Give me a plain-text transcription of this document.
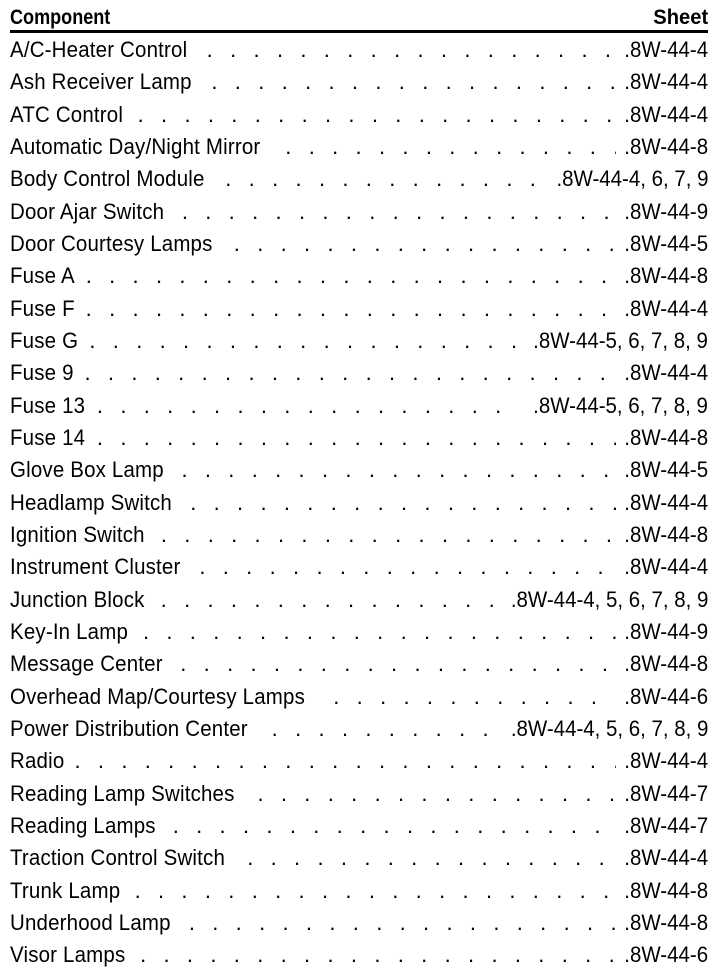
Component	Sheet
A/C-Heater Control . . .	.8W-44-4
Ash Receiver Lamp . . .	.8W-44-4
ATC Control . . .	.8W-44-4
Automatic Day/Night Mirror . . .	.8W-44-8
Body Control Module . . .	.8W-44-4, 6, 7, 9
Door Ajar Switch . . .	.8W-44-9
Door Courtesy Lamps . . .	.8W-44-5
Fuse A . . .	.8W-44-8
Fuse F . . .	.8W-44-4
Fuse G . . .	.8W-44-5, 6, 7, 8, 9
Fuse 9 . . .	.8W-44-4
Fuse 13 . . .	.8W-44-5, 6, 7, 8, 9
Fuse 14 . . .	.8W-44-8
Glove Box Lamp . . .	.8W-44-5
Headlamp Switch . . .	.8W-44-4
Ignition Switch . . .	.8W-44-8
Instrument Cluster . . .	.8W-44-4
Junction Block . . .	.8W-44-4, 5, 6, 7, 8, 9
Key-In Lamp . . .	.8W-44-9
Message Center . . .	.8W-44-8
Overhead Map/Courtesy Lamps . . .	.8W-44-6
Power Distribution Center . . .	.8W-44-4, 5, 6, 7, 8, 9
Radio . . .	.8W-44-4
Reading Lamp Switches . . .	.8W-44-7
Reading Lamps . . .	.8W-44-7
Traction Control Switch . . .	.8W-44-4
Trunk Lamp . . .	.8W-44-8
Underhood Lamp . . .	.8W-44-8
Visor Lamps . . .	.8W-44-6
